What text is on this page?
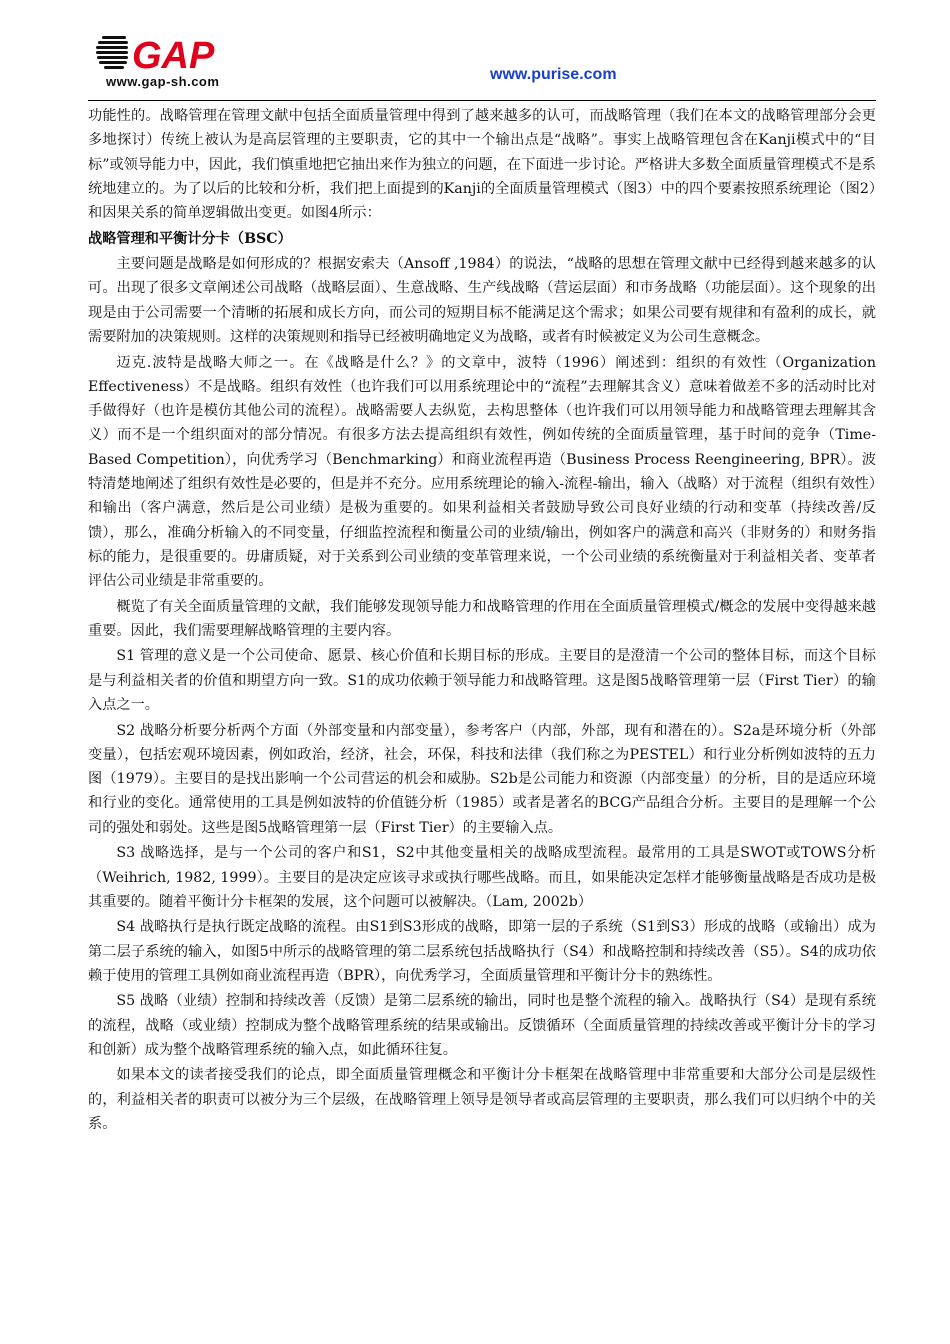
GAP
www.gap-sh.com	www.purise.com

功能性的。战略管理在管理文献中包括全面质量管理中得到了越来越多的认可，而战略管理（我们在本文的战略管理部分会更多地探讨）传统上被认为是高层管理的主要职责，它的其中一个输出点是“战略”。事实上战略管理包含在Kanji模式中的“目标”或领导能力中，因此，我们慎重地把它抽出来作为独立的问题，在下面进一步讨论。严格讲大多数全面质量管理模式不是系统地建立的。为了以后的比较和分析，我们把上面提到的Kanji的全面质量管理模式（图3）中的四个要素按照系统理论（图2）和因果关系的简单逻辑做出变更。如图4所示：

战略管理和平衡计分卡（BSC）

主要问题是战略是如何形成的？根据安索夫（Ansoff ,1984）的说法，“战略的思想在管理文献中已经得到越来越多的认可。出现了很多文章阐述公司战略（战略层面）、生意战略、生产线战略（营运层面）和市务战略（功能层面）。这个现象的出现是由于公司需要一个清晰的拓展和成长方向，而公司的短期目标不能满足这个需求；如果公司要有规律和有盈利的成长，就需要附加的决策规则。这样的决策规则和指导已经被明确地定义为战略，或者有时候被定义为公司生意概念。

迈克.波特是战略大师之一。在《战略是什么？》的文章中，波特（1996）阐述到：组织的有效性（Organization Effectiveness）不是战略。组织有效性（也许我们可以用系统理论中的“流程”去理解其含义）意味着做差不多的活动时比对手做得好（也许是模仿其他公司的流程）。战略需要人去纵览，去构思整体（也许我们可以用领导能力和战略管理去理解其含义）而不是一个组织面对的部分情况。有很多方法去提高组织有效性，例如传统的全面质量管理，基于时间的竞争（Time-Based Competition），向优秀学习（Benchmarking）和商业流程再造（Business Process Reengineering, BPR）。波特清楚地阐述了组织有效性是必要的，但是并不充分。应用系统理论的输入-流程-输出，输入（战略）对于流程（组织有效性）和输出（客户满意，然后是公司业绩）是极为重要的。如果利益相关者鼓励导致公司良好业绩的行动和变革（持续改善/反馈），那么，准确分析输入的不同变量，仔细监控流程和衡量公司的业绩/输出，例如客户的满意和高兴（非财务的）和财务指标的能力，是很重要的。毋庸质疑，对于关系到公司业绩的变革管理来说，一个公司业绩的系统衡量对于利益相关者、变革者评估公司业绩是非常重要的。

概览了有关全面质量管理的文献，我们能够发现领导能力和战略管理的作用在全面质量管理模式/概念的发展中变得越来越重要。因此，我们需要理解战略管理的主要内容。

S1 管理的意义是一个公司使命、愿景、核心价值和长期目标的形成。主要目的是澄清一个公司的整体目标，而这个目标是与利益相关者的价值和期望方向一致。S1的成功依赖于领导能力和战略管理。这是图5战略管理第一层（First Tier）的输入点之一。

S2 战略分析要分析两个方面（外部变量和内部变量），参考客户（内部，外部，现有和潜在的）。S2a是环境分析（外部变量），包括宏观环境因素，例如政治，经济，社会，环保，科技和法律（我们称之为PESTEL）和行业分析例如波特的五力图（1979）。主要目的是找出影响一个公司营运的机会和威胁。S2b是公司能力和资源（内部变量）的分析，目的是适应环境和行业的变化。通常使用的工具是例如波特的价值链分析（1985）或者是著名的BCG产品组合分析。主要目的是理解一个公司的强处和弱处。这些是图5战略管理第一层（First Tier）的主要输入点。

S3 战略选择，是与一个公司的客户和S1，S2中其他变量相关的战略成型流程。最常用的工具是SWOT或TOWS分析（Weihrich, 1982, 1999）。主要目的是决定应该寻求或执行哪些战略。而且，如果能决定怎样才能够衡量战略是否成功是极其重要的。随着平衡计分卡框架的发展，这个问题可以被解决。（Lam, 2002b）

S4 战略执行是执行既定战略的流程。由S1到S3形成的战略，即第一层的子系统（S1到S3）形成的战略（或输出）成为第二层子系统的输入，如图5中所示的战略管理的第二层系统包括战略执行（S4）和战略控制和持续改善（S5）。S4的成功依赖于使用的管理工具例如商业流程再造（BPR），向优秀学习，全面质量管理和平衡计分卡的熟练性。

S5 战略（业绩）控制和持续改善（反馈）是第二层系统的输出，同时也是整个流程的输入。战略执行（S4）是现有系统的流程，战略（或业绩）控制成为整个战略管理系统的结果或输出。反馈循环（全面质量管理的持续改善或平衡计分卡的学习和创新）成为整个战略管理系统的输入点，如此循环往复。

如果本文的读者接受我们的论点，即全面质量管理概念和平衡计分卡框架在战略管理中非常重要和大部分公司是层级性的，利益相关者的职责可以被分为三个层级，在战略管理上领导是领导者或高层管理的主要职责，那么我们可以归纳个中的关系。
